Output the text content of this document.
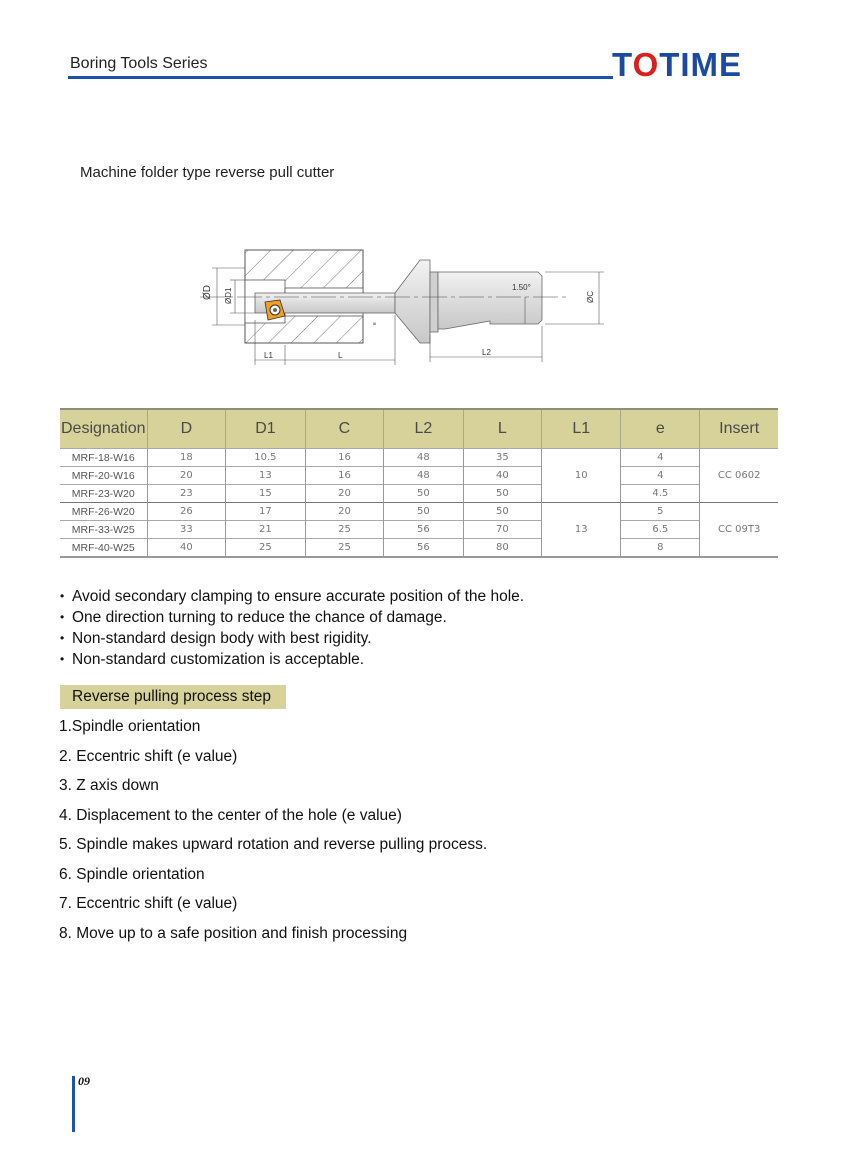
Boring Tools Series	TOTIME
Machine folder type reverse pull cutter
ØD ØD1	ØC
L1	L	L2
1.50°
e
Designation	D	D1	C	L2	L	L1	e	Insert
MRF-18-W16	18	10.5	16	48	35	10	4	CC 0602
MRF-20-W16	20	13	16	48	40		4	
MRF-23-W20	23	15	20	50	50		4.5	
MRF-26-W20	26	17	20	50	50	13	5	CC 09T3
MRF-33-W25	33	21	25	56	70		6.5	
MRF-40-W25	40	25	25	56	80		8	
• Avoid secondary clamping to ensure accurate position of the hole.
• One direction turning to reduce the chance of damage.
• Non-standard design body with best rigidity.
• Non-standard customization is acceptable.
Reverse pulling process step
1.Spindle orientation
2. Eccentric shift (e value)
3. Z axis down
4. Displacement to the center of the hole (e value)
5. Spindle makes upward rotation and reverse pulling process.
6. Spindle orientation
7. Eccentric shift (e value)
8. Move up to a safe position and finish processing
09
